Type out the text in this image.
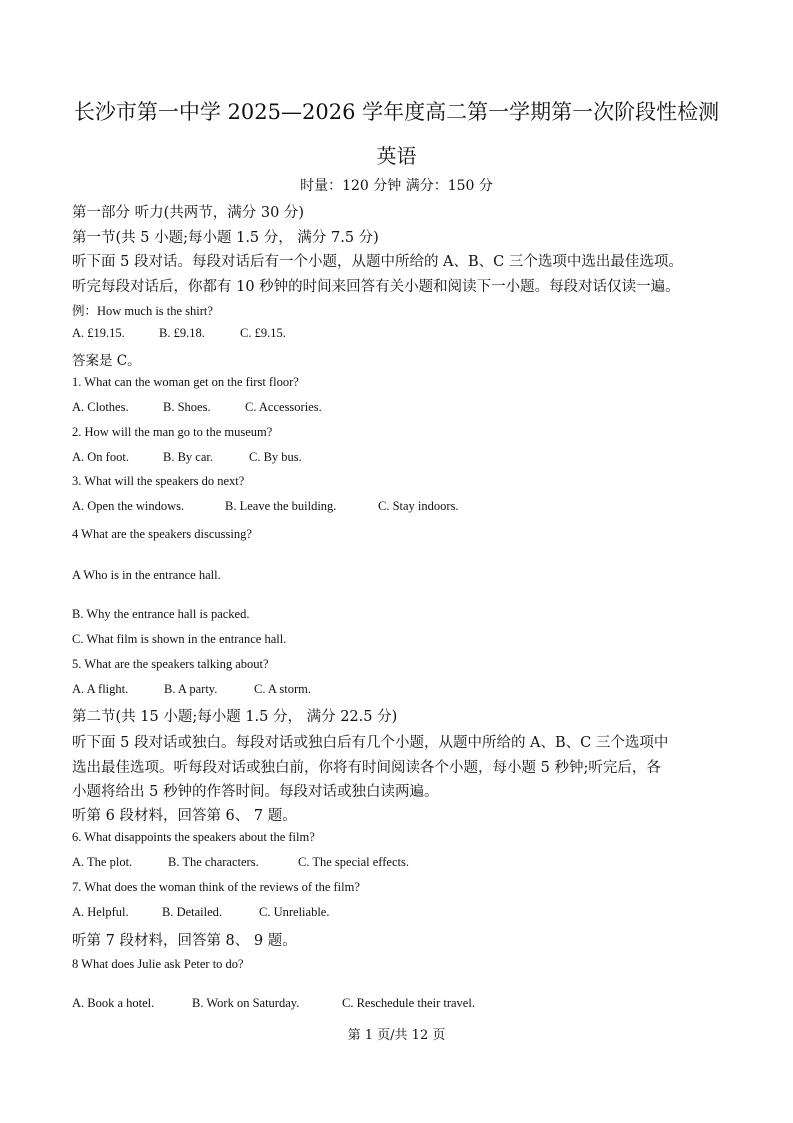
长沙市第一中学 2025—2026 学年度高二第一学期第一次阶段性检测
英语
时量：120 分钟 满分：150 分
第一部分 听力(共两节，满分 30 分)
第一节(共 5 小题;每小题 1.5 分， 满分 7.5 分)
听下面 5 段对话。每段对话后有一个小题，从题中所给的 A、B、C 三个选项中选出最佳选项。
听完每段对话后，你都有 10 秒钟的时间来回答有关小题和阅读下一小题。每段对话仅读一遍。
例：How much is the shirt?
A. £19.15.	B. £9.18.	C. £9.15.
答案是 C。
1. What can the woman get on the first floor?
A. Clothes.	B. Shoes.	C. Accessories.
2. How will the man go to the museum?
A. On foot.	B. By car.	C. By bus.
3. What will the speakers do next?
A. Open the windows.	B. Leave the building.	C. Stay indoors.
4 What are the speakers discussing?
A Who is in the entrance hall.
B. Why the entrance hall is packed.
C. What film is shown in the entrance hall.
5. What are the speakers talking about?
A. A flight.	B. A party.	C. A storm.
第二节(共 15 小题;每小题 1.5 分， 满分 22.5 分)
听下面 5 段对话或独白。每段对话或独白后有几个小题，从题中所给的 A、B、C 三个选项中
选出最佳选项。听每段对话或独白前，你将有时间阅读各个小题，每小题 5 秒钟;听完后，各
小题将给出 5 秒钟的作答时间。每段对话或独白读两遍。
听第 6 段材料，回答第 6、 7 题。
6. What disappoints the speakers about the film?
A. The plot.	B. The characters.	C. The special effects.
7. What does the woman think of the reviews of the film?
A. Helpful.	B. Detailed.	C. Unreliable.
听第 7 段材料，回答第 8、 9 题。
8 What does Julie ask Peter to do?
A. Book a hotel.	B. Work on Saturday.	C. Reschedule their travel.
第 1 页/共 12 页
